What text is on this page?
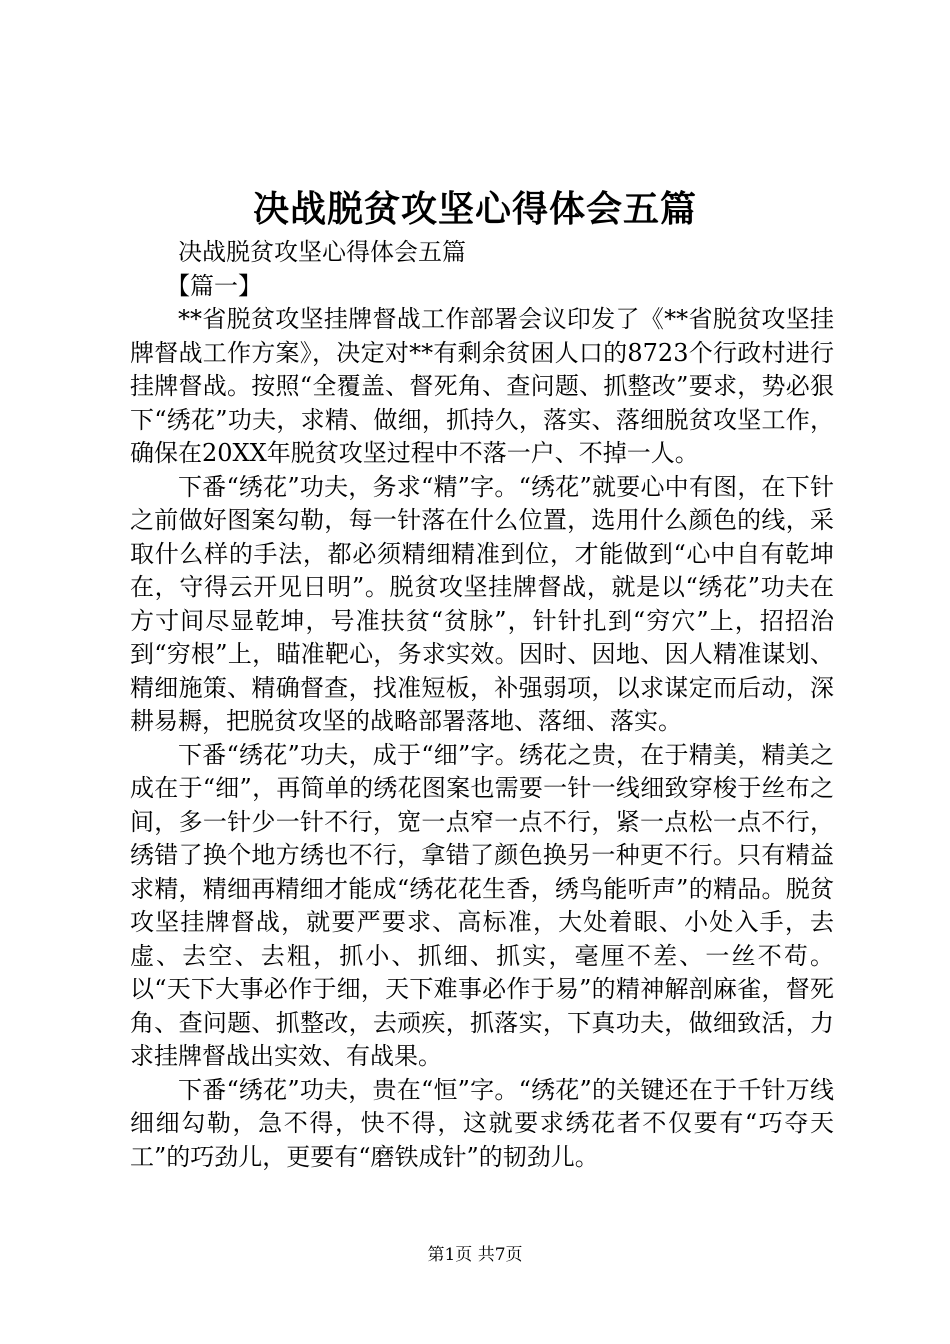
决战脱贫攻坚心得体会五篇

决战脱贫攻坚心得体会五篇

【篇一】

**省脱贫攻坚挂牌督战工作部署会议印发了《**省脱贫攻坚挂牌督战工作方案》，决定对**有剩余贫困人口的8723个行政村进行挂牌督战。按照“全覆盖、督死角、查问题、抓整改”要求，势必狠下“绣花”功夫，求精、做细，抓持久，落实、落细脱贫攻坚工作，确保在20XX年脱贫攻坚过程中不落一户、不掉一人。

下番“绣花”功夫，务求“精”字。“绣花”就要心中有图，在下针之前做好图案勾勒，每一针落在什么位置，选用什么颜色的线，采取什么样的手法，都必须精细精准到位，才能做到“心中自有乾坤在，守得云开见日明”。脱贫攻坚挂牌督战，就是以“绣花”功夫在方寸间尽显乾坤，号准扶贫“贫脉”，针针扎到“穷穴”上，招招治到“穷根”上，瞄准靶心，务求实效。因时、因地、因人精准谋划、精细施策、精确督查，找准短板，补强弱项，以求谋定而后动，深耕易耨，把脱贫攻坚的战略部署落地、落细、落实。

下番“绣花”功夫，成于“细”字。绣花之贵，在于精美，精美之成在于“细”，再简单的绣花图案也需要一针一线细致穿梭于丝布之间，多一针少一针不行，宽一点窄一点不行，紧一点松一点不行，绣错了换个地方绣也不行，拿错了颜色换另一种更不行。只有精益求精，精细再精细才能成“绣花花生香，绣鸟能听声”的精品。脱贫攻坚挂牌督战，就要严要求、高标准，大处着眼、小处入手，去虚、去空、去粗，抓小、抓细、抓实，毫厘不差、一丝不苟。以“天下大事必作于细，天下难事必作于易”的精神解剖麻雀，督死角、查问题、抓整改，去顽疾，抓落实，下真功夫，做细致活，力求挂牌督战出实效、有战果。

下番“绣花”功夫，贵在“恒”字。“绣花”的关键还在于千针万线细细勾勒，急不得，快不得，这就要求绣花者不仅要有“巧夺天工”的巧劲儿，更要有“磨铁成针”的韧劲儿。

第1页 共7页
